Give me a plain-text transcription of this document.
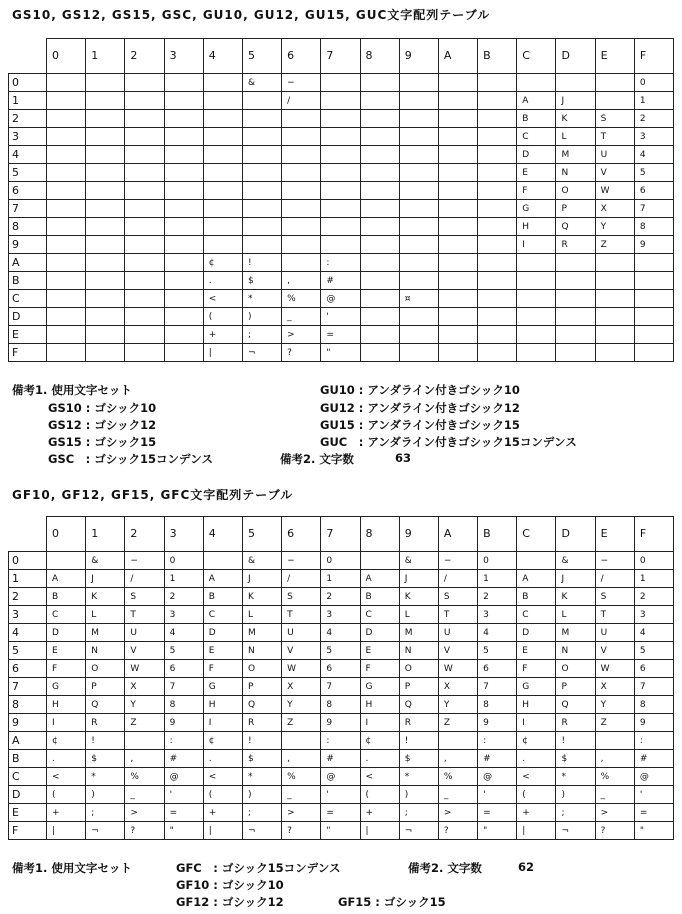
GS10, GS12, GS15, GSC, GU10, GU12, GU15, GUC文字配列テーブル
	0	1	2	3	4	5	6	7	8	9	A	B	C	D	E	F
0						&	−									0
1							/						A	J		1
2													B	K	S	2
3													C	L	T	3
4													D	M	U	4
5													E	N	V	5
6													F	O	W	6
7													G	P	X	7
8													H	Q	Y	8
9													I	R	Z	9
A					¢	!		:								
B					.	$	,	#								
C					<	*	%	@		¤						
D					(	)	_	'								
E					+	;	>	=								
F					|	¬	?	"								
備考1. 使用文字セット
GS10 : ゴシック10
GS12 : ゴシック12
GS15 : ゴシック15
GSC　: ゴシック15コンデンス
GU10 : アンダライン付きゴシック10
GU12 : アンダライン付きゴシック12
GU15 : アンダライン付きゴシック15
GUC　: アンダライン付きゴシック15コンデンス
備考2. 文字数	63
GF10, GF12, GF15, GFC文字配列テーブル
	0	1	2	3	4	5	6	7	8	9	A	B	C	D	E	F
0		&	−	0		&	−	0		&	−	0		&	−	0
1	A	J	/	1	A	J	/	1	A	J	/	1	A	J	/	1
2	B	K	S	2	B	K	S	2	B	K	S	2	B	K	S	2
3	C	L	T	3	C	L	T	3	C	L	T	3	C	L	T	3
4	D	M	U	4	D	M	U	4	D	M	U	4	D	M	U	4
5	E	N	V	5	E	N	V	5	E	N	V	5	E	N	V	5
6	F	O	W	6	F	O	W	6	F	O	W	6	F	O	W	6
7	G	P	X	7	G	P	X	7	G	P	X	7	G	P	X	7
8	H	Q	Y	8	H	Q	Y	8	H	Q	Y	8	H	Q	Y	8
9	I	R	Z	9	I	R	Z	9	I	R	Z	9	I	R	Z	9
A	¢	!		:	¢	!		:	¢	!		:	¢	!		:
B	.	$	,	#	.	$	,	#	.	$	,	#	.	$	,	#
C	<	*	%	@	<	*	%	@	<	*	%	@	<	*	%	@
D	(	)	_	'	(	)	_	'	(	)	_	'	(	)	_	'
E	+	;	>	=	+	;	>	=	+	;	>	=	+	;	>	=
F	|	¬	?	"	|	¬	?	"	|	¬	?	"	|	¬	?	"
備考1. 使用文字セット	GFC　: ゴシック15コンデンス	備考2. 文字数	62
GF10 : ゴシック10
GF12 : ゴシック12	GF15 : ゴシック15
